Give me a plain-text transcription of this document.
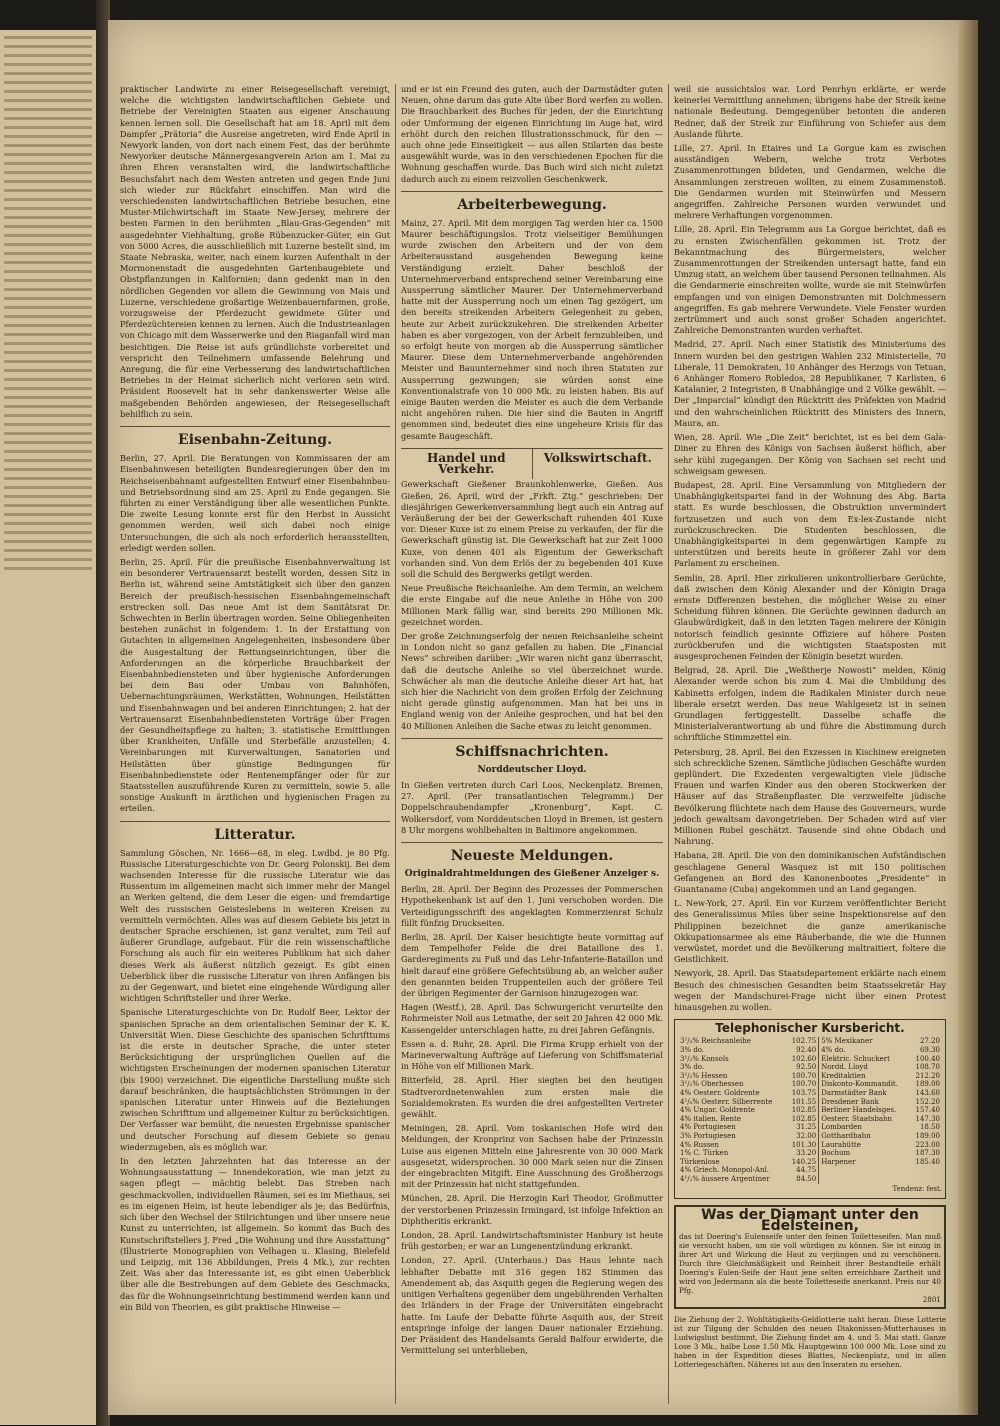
praktischer Landwirte zu einer Reisegesellschaft vereinigt, welche die wichtigsten landwirtschaftlichen Gebiete und Betriebe der Vereinigten Staaten aus eigener Anschauung kennen lernen soll. Die Gesellschaft hat am 18. April mit dem Dampfer „Prätoria“ die Ausreise angetreten, wird Ende April in Newyork landen, von dort nach einem Fest, das der berühmte Newyorker deutsche Männergesangverein Arion am 1. Mai zu ihren Ehren veranstalten wird, die landwirtschaftliche Besuchsfahrt nach dem Westen antreten und gegen Ende Juni sich wieder zur Rückfahrt einschiffen. Man wird die verschiedensten landwirtschaftlichen Betriebe besuchen, eine Muster-Milchwirtschaft im Staate New-Jersey, mehrere der besten Farmen in den berühmten „Blau-Gras-Gegenden“ mit ausgedehnter Viehhaltung, große Rübenzucker-Güter, ein Gut von 5000 Acres, die ausschließlich mit Luzerne bestellt sind, im Staate Nebraska, weiter, nach einem kurzen Aufenthalt in der Mormonenstadt die ausgedehnten Gartenbaugebiete und Obstpflanzungen in Kalifornien; dann gedenkt man in den nördlichen Gegenden vor allem die Gewinnung von Mais und Luzerne, verschiedene großartige Weizenbauernfarmen, große, vorzugsweise der Pferdezucht gewidmete Güter und Pferdezüchtereien kennen zu lernen. Auch die Industrieanlagen von Chicago mit dem Wasserwerke und den Riaganfall wird man besichtigen. Die Reise ist aufs gründlichste vorbereitet und verspricht den Teilnehmern umfassende Belehrung und Anregung, die für eine Verbesserung des landwirtschaftlichen Betriebes in der Heimat sicherlich nicht verloren sein wird. Präsident Roosevelt hat in sehr dankenswerter Weise alle maßgebenden Behörden angewiesen, der Reisegesellschaft behilflich zu sein.

Eisenbahn-Zeitung.

Berlin, 27. April. Die Beratungen von Kommissaren der am Eisenbahnwesen beteiligten Bundesregierungen über den im Reichseisenbahnamt aufgestellten Entwurf einer Eisenbahnbau- und Betriebsordnung sind am 25. April zu Ende gegangen. Sie führten zu einer Verständigung über alle wesentlichen Punkte. Die zweite Lesung konnte erst für den Herbst in Aussicht genommen werden, weil sich dabei noch einige Untersuchungen, die sich als noch erforderlich herausstellten, erledigt werden sollen.

Berlin, 25. April. Für die preußische Eisenbahnverwaltung ist ein besonderer Vertrauensarzt bestellt worden, dessen Sitz in Berlin ist, während seine Amtstätigkeit sich über den ganzen Bereich der preußisch-hessischen Eisenbahngemeinschaft erstrecken soll. Das neue Amt ist dem Sanitätsrat Dr. Schwechten in Berlin übertragen worden. Seine Obliegenheiten bestehen zunächst in folgendem: 1. In der Erstattung von Gutachten in allgemeinen Angelegenheiten, insbesondere über die Ausgestaltung der Rettungseinrichtungen, über die Anforderungen an die körperliche Brauchbarkeit der Eisenbahnbediensteten und über hygienische Anforderungen bei dem Bau oder Umbau von Bahnhöfen, Uebernachtungsräumen, Werkstätten, Wohnungen, Heilstätten und Eisenbahnwagen und bei anderen Einrichtungen; 2. hat der Vertrauensarzt Eisenbahnbediensteten Vorträge über Fragen der Gesundheitspflege zu halten; 3. statistische Ermittlungen über Krankheiten, Unfälle und Sterbefälle anzustellen; 4. Vereinbarungen mit Kurverwaltungen, Sanatorien und Heilstätten über günstige Bedingungen für Eisenbahnbedienstete oder Rentenempfänger oder für zur Staatsstellen auszuführende Kuren zu vermitteln, sowie 5. alle sonstige Auskunft in ärztlichen und hygienischen Fragen zu erteilen.

Litteratur.

Sammlung Göschen, Nr. 1666—68, in eleg. Lwdbd. je 80 Pfg. Russische Literaturgeschichte von Dr. Georg Polonskij. Bei dem wachsenden Interesse für die russische Literatur wie das Russentum im allgemeinen macht sich immer mehr der Mangel an Werken geltend, die dem Leser die eigen- und fremdartige Welt des russischen Geisteslebens in weiteren Kreisen zu vermitteln vermöchten. Alles was auf diesem Gebiete bis jetzt in deutscher Sprache erschienen, ist ganz veraltet, zum Teil auf äußerer Grundlage, aufgebaut. Für die rein wissenschaftliche Forschung als auch für ein weiteres Publikum hat sich daher dieses Werk als äußerst nützlich gezeigt. Es gibt einen Ueberblick über die russische Literatur von ihren Anfängen bis zu der Gegenwart, und bietet eine eingehende Würdigung aller wichtigen Schriftsteller und ihrer Werke.

Spanische Literaturgeschichte von Dr. Rudolf Beer, Lektor der spanischen Sprache an dem orientalischen Seminar der K. K. Universität Wien. Diese Geschichte des spanischen Schrifttums ist die erste in deutscher Sprache, die unter steter Berücksichtigung der ursprünglichen Quellen auf die wichtigsten Erscheinungen der modernen spanischen Literatur (bis 1900) verzeichnet. Die eigentliche Darstellung mußte sich darauf beschränken, die hauptsächlichsten Strömungen in der spanischen Literatur unter Hinweis auf die Beziehungen zwischen Schrifttum und allgemeiner Kultur zu berücksichtigen. Der Verfasser war bemüht, die neuesten Ergebnisse spanischer und deutscher Forschung auf diesem Gebiete so genau wiederzugeben, als es möglich war.

In den letzten Jahrzehnten hat das Interesse an der Wohnungsausstattung — Innendekoration, wie man jetzt zu sagen pflegt — mächtig belebt. Das Streben nach geschmackvollen, individuellen Räumen, sei es im Miethaus, sei es im eigenen Heim, ist heute lebendiger als je; das Bedürfnis, sich über den Wechsel der Stilrichtungen und über unsere neue Kunst zu unterrichten, ist allgemein. So kommt das Buch des Kunstschriftstellers J. Fred „Die Wohnung und ihre Ausstattung“ (Illustrierte Monographien von Velhagen u. Klasing, Bielefeld und Leipzig, mit 136 Abbildungen, Preis 4 Mk.), zur rechten Zeit. Was aber das Interessante ist, es gibt einen Ueberblick über alle die Bestrebungen auf dem Gebiete des Geschmacks, das für die Wohnungseinrichtung bestimmend werden kann und ein Bild von Theorien, es gibt praktische Hinweise —

und er ist ein Freund des guten, auch der Darmstädter guten Neuen, ohne darum das gute Alte über Bord werfen zu wollen. Die Brauchbarkeit des Buches für jeden, der die Einrichtung oder Umformung der eigenen Einrichtung im Auge hat, wird erhöht durch den reichen Illustrationsschmuck, für den — auch ohne jede Einseitigkeit — aus allen Stilarten das beste ausgewählt wurde, was in den verschiedenen Epochen für die Wohnung geschaffen wurde. Das Buch wird sich nicht zuletzt dadurch auch zu einem reizvollen Geschenkwerk.

Arbeiterbewegung.

Mainz, 27. April. Mit dem morgigen Tag werden hier ca. 1500 Maurer beschäftigungslos. Trotz vielseitiger Bemühungen wurde zwischen den Arbeitern und der von dem Arbeiterausstand ausgehenden Bewegung keine Verständigung erzielt. Daher beschloß der Unternehmerverband entsprechend seiner Vereinbarung eine Aussperrung sämtlicher Maurer. Der Unternehmerverband hatte mit der Aussperrung noch um einen Tag gezögert, um den bereits streikenden Arbeitern Gelegenheit zu geben, heute zur Arbeit zurückzukehren. Die streikenden Arbeiter haben es aber vorgezogen, von der Arbeit fernzubleiben, und so erfolgt heute von morgen ab die Aussperrung sämtlicher Maurer. Diese dem Unternehmerverbande angehörenden Meister und Bauunternehmer sind noch ihren Statuten zur Aussperrung gezwungen; sie würden sonst eine Konventionalstrafe von 10 000 Mk. zu leisten haben. Bis auf einige Bauten werden die Meister es auch die dem Verbande nicht angehören ruhen. Die hier sind die Bauten in Angriff genommen sind, bedeutet dies eine ungeheure Krisis für das gesamte Baugeschäft.

Handel und Verkehr.
Volkswirtschaft.

Gewerkschaft Gießener Braunkohlenwerke, Gießen. Aus Gießen, 26. April, wird der „Frkft. Ztg.“ geschrieben: Der diesjährigen Gewerkenversammlung liegt auch ein Antrag auf Veräußerung der bei der Gewerkschaft ruhenden 401 Kuxe vor. Dieser Kuxe ist zu einem Preise zu verkaufen, der für die Gewerkschaft günstig ist. Die Gewerkschaft hat zur Zeit 1000 Kuxe, von denen 401 als Eigentum der Gewerkschaft vorhanden sind. Von dem Erlös der zu begebenden 401 Kuxe soll die Schuld des Bergwerks getilgt werden.

Neue Preußische Reichsanleihe. Am dem Termin, an welchem die erste Eingabe auf die neue Anleihe in Höhe von 200 Millionen Mark fällig war, sind bereits 290 Millionen Mk. gezeichnet worden.

Der große Zeichnungserfolg der neuen Reichsanleihe scheint in London nicht so ganz gefallen zu haben. Die „Financial News“ schreiben darüber: „Wir waren nicht ganz überrascht, daß die deutsche Anleihe so viel überzeichnet wurde. Schwächer als man die deutsche Anleihe dieser Art hat, hat sich hier die Nachricht von dem großen Erfolg der Zeichnung nicht gerade günstig aufgenommen. Man hat bei uns in England wenig von der Anleihe gesprochen, und hat bei den 40 Millionen Anleihen die Sache etwas zu leicht genommen.

Schiffsnachrichten.
Norddeutscher Lloyd.

In Gießen vertreten durch Carl Loos, Neckenplatz. Bremen, 27. April. (Per transatlantischen Telegramm.) Der Doppelschraubendampfer „Kronenburg“, Kapt. C. Wolkersdorf, vom Norddeutschen Lloyd in Bremen, ist gestern 8 Uhr morgens wohlbehalten in Baltimore angekommen.

Neueste Meldungen.
Originaldrahtmeldungen des Gießener Anzeiger s.

Berlin, 28. April. Der Beginn des Prozesses der Pommerschen Hypothekenbank ist auf den 1. Juni verschoben worden. Die Verteidigungsschrift des angeklagten Kommerzienrat Schulz füllt fünfzig Druckseiten.

Berlin, 28. April. Der Kaiser besichtigte heute vormittag auf dem Tempelhofer Felde die drei Bataillone des 1. Garderegiments zu Fuß und das Lehr-Infanterie-Bataillon und hielt darauf eine größere Gefechtsübung ab, an welcher außer den genannten beiden Truppenteilen auch der größere Teil der übrigen Regimenter der Garnison hinzugezogen war.

Hagen (Westf.), 28. April. Das Schwurgericht verurteilte den Rohrmeister Noll aus Letmathe, der seit 20 Jahren 42 000 Mk. Kassengelder unterschlagen hatte, zu drei Jahren Gefängnis.

Essen a. d. Ruhr, 28. April. Die Firma Krupp erhielt von der Marineverwaltung Aufträge auf Lieferung von Schiffsmaterial in Höhe von elf Millionen Mark.

Bitterfeld, 28. April. Hier siegten bei den heutigen Stadtverordnetenwahlen zum ersten male die Sozialdemokraten. Es wurden die drei aufgestellten Vertreter gewählt.

Meiningen, 28. April. Vom toskanischen Hofe wird den Meldungen, der Kronprinz von Sachsen habe der Prinzessin Luise aus eigenen Mitteln eine Jahresrente von 30 000 Mark ausgesetzt, widersprochen. 30 000 Mark seien nur die Zinsen der eingebrachten Mitgift. Eine Ausschnung des Großherzogs mit der Prinzessin hat nicht stattgefunden.

München, 28. April. Die Herzogin Karl Theodor, Großmutter der verstorbenen Prinzessin Irmingard, ist infolge Infektion an Diphtheritis erkrankt.

London, 28. April. Landwirtschaftsminister Hanbury ist heute früh gestorben; er war an Lungenentzündung erkrankt.

London, 27. April. (Unterhaus.) Das Haus lehnte nach lebhafter Debatte mit 316 gegen 182 Stimmen das Amendement ab, das Asquith gegen die Regierung wegen des unitigen Verhaltens gegenüber dem ungebührenden Verhalten des Irländers in der Frage der Universitäten eingebracht hatte. Im Laufe der Debatte führte Asquith aus, der Streit entspringe infolge der langen Dauer nationaler Erziehung. Der Präsident des Handelsamts Gerald Balfour erwiderte, die Vermittelung sei unterblieben,

weil sie aussichtslos war. Lord Penrhyn erklärte, er werde keinerlei Vermittlung annehmen; übrigens habe der Streik keine nationale Bedeutung. Demgegenüber betonten die anderen Redner, daß der Streik zur Einführung von Schiefer aus dem Auslande führte.

Lille, 27. April. In Etaires und La Gorgue kam es zwischen ausständigen Webern, welche trotz Verbotes Zusammenrottungen bildeten, und Gendarmen, welche die Ansammlungen zerstreuen wollten, zu einem Zusammenstoß. Die Gendarmen wurden mit Steinwürfen und Messern angegriffen. Zahlreiche Personen wurden verwundet und mehrere Verhaftungen vorgenommen.

Lille, 28. April. Ein Telegramm aus La Gorgue berichtet, daß es zu ernsten Zwischenfällen gekommen ist. Trotz der Bekanntmachung des Bürgermeisters, welcher Zusammenrottungen der Streikenden untersagt hatte, fand ein Umzug statt, an welchem über tausend Personen teilnahmen. Als die Gendarmerie einschreiten wollte, wurde sie mit Steinwürfen empfangen und von einigen Demonstranten mit Dolchmessern angegriffen. Es gab mehrere Verwundete. Viele Fenster wurden zertrümmert und auch sonst großer Schaden angerichtet. Zahlreiche Demonstranten wurden verhaftet.

Madrid, 27. April. Nach einer Statistik des Ministeriums des Innern wurden bei den gestrigen Wahlen 232 Ministerielle, 70 Liberale, 11 Demokraten, 10 Anhänger des Herzogs von Tetuan, 6 Anhänger Romero Robledos, 28 Republikaner, 7 Karlisten, 6 Katalanier, 2 Integristen, 8 Unabhängige und 2 Völke gewählt. — Der „Imparcial“ kündigt den Rücktritt des Präfekten von Madrid und den wahrscheinlichen Rücktritt des Ministers des Innern, Maura, an.

Wien, 28. April. Wie „Die Zeit“ berichtet, ist es bei dem Gala-Diner zu Ehren des Königs von Sachsen äußerst höflich, aber sehr kühl zugegangen. Der König von Sachsen sei recht und schweigsam gewesen.

Budapest, 28. April. Eine Versammlung von Mitgliedern der Unabhängigkeitspartei fand in der Wohnung des Abg. Barta statt. Es wurde beschlossen, die Obstruktion unvermindert fortzusetzen und auch von dem Ex-lex-Zustande nicht zurückzuschrecken. Die Studenten beschlossen, die Unabhängigkeitspartei in dem gegenwärtigen Kampfe zu unterstützen und bereits heute in größerer Zahl vor dem Parlament zu erscheinen.

Semlin, 28. April. Hier zirkulieren unkontrollierbare Gerüchte, daß zwischen dem König Alexander und der Königin Draga ernste Differenzen bestehen, die möglicher Weise zu einer Scheidung führen können. Die Gerüchte gewinnen dadurch an Glaubwürdigkeit, daß in den letzten Tagen mehrere der Königin notorisch feindlich gesinnte Offiziere auf höhere Posten zurückberufen und die wichtigsten Staatsposten mit ausgesprochenen Feinden der Königin besetzt wurden.

Belgrad, 28. April. Die „Weßtherje Nowosti“ melden, König Alexander werde schon bis zum 4. Mai die Umbildung des Kabinetts erfolgen, indem die Radikalen Minister durch neue liberale ersetzt werden. Das neue Wahlgesetz ist in seinen Grundlagen fertiggestellt. Dasselbe schaffe die Ministerialverantwortung ab und führe die Abstimmung durch schriftliche Stimmzettel ein.

Petersburg, 28. April. Bei den Exzessen in Kischinew ereigneten sich schreckliche Szenen. Sämtliche jüdischen Geschäfte wurden geplündert. Die Exzedenten vergewaltigten viele jüdische Frauen und warfen Kinder aus den oberen Stockwerken der Häuser auf das Straßenpflaster. Die verzweifelte jüdische Bevölkerung flüchtete nach dem Hause des Gouverneurs, wurde jedoch gewaltsam davongetrieben. Der Schaden wird auf vier Millionen Rubel geschätzt. Tausende sind ohne Obdach und Nahrung.

Habana, 28. April. Die von den dominikanischen Aufständischen geschlagene General Wasquez ist mit 150 politischen Gefangenen an Bord des Kanonenbootes „Presidente“ in Guantanamo (Cuba) angekommen und an Land gegangen.

L. New-York, 27. April. Ein vor Kurzem veröffentlichter Bericht des Generalissimus Miles über seine Inspektionsreise auf den Philippinen bezeichnet die ganze amerikanische Okkupationsarmee als eine Räuberbande, die wie die Hunnen verwüstet, mordet und die Bevölkerung maltraitiert, foltere die Geistlichkeit.

Newyork, 28. April. Das Staatsdepartement erklärte nach einem Besuch des chinesischen Gesandten beim Staatssekretär Hay wegen der Mandschurei-Frage nicht über einen Protest hinausgehen zu wollen.

Telephonischer Kursbericht.
3¹/₂% Reichsanleihe	102.75	5% Mexikaner	27.20
3% do.	92.40	4% do.	69.30
3¹/₂% Konsols	102.60	Elektric. Schuckert	100.40
3% do.	92.50	Nordd. Lloyd	108.70
3¹/₂% Hessen	100.70	Kreditaktien	212.20
3¹/₂% Oberhessen	100.70	Diskonto-Kommandit.	189.00
4% Oesterr. Goldrente	103.75	Darmstädter Bank	143.60
4¹/₅% Oesterr. Silberrente	101.55	Dresdener Bank	152.20
4% Ungar. Goldrente	102.85	Berliner Handelsges.	157.40
4% italien. Rente	102.85	Oesterr. Staatsbahn	147.30
4% Portugiesen	31.25	Lombarden	18.50
3% Portugiesen	32.00	Gotthardbahn	189.00
4% Russen	101.30	Laurahütte	223.00
1% C. Türken	33.20	Bochum	187.30
Türkenlose	140.25	Harpener	185.40
4% Griech. Monopol-Anl.	44.75		
4¹/₂% äussere Argentiner	84.50		
Tendenz: fest.
Was der Diamant unter den Edelsteinen,
das ist Doering's Eulenseife unter den feinen Toiletteseifen. Man muß sie versucht haben, um sie voll würdigen zu können. Sie ist einzig in ihrer Art und Wirkung die Haut zu verjüngen und zu verschönern. Durch ihre Gleichmäßigkeit und Reinheit ihrer Bestandteile erhält Doering's Eulen-Seife der Haut jene selten erreichbare Zartheit und wird von Jedermann als die beste Toiletteseife anerkannt. Preis nur 40 Pfg.
2801

Die Ziehung der 2. Wohltätigkeits-Geldlotterie naht heran. Diese Lotterie ist zur Tilgung der Schulden des neuen Diakonissen-Mutterhauses in Ludwigslust bestimmt. Die Ziehung findet am 4. und 5. Mai statt. Ganze Lose 3 Mk., halbe Lose 1.50 Mk. Hauptgewinn 100 000 Mk. Lose sind zu haben in der Expedition dieses Blattes, Neckenplatz, und in allen Lotteriegeschäften. Näheres ist aus den Inseraten zu ersehen.
